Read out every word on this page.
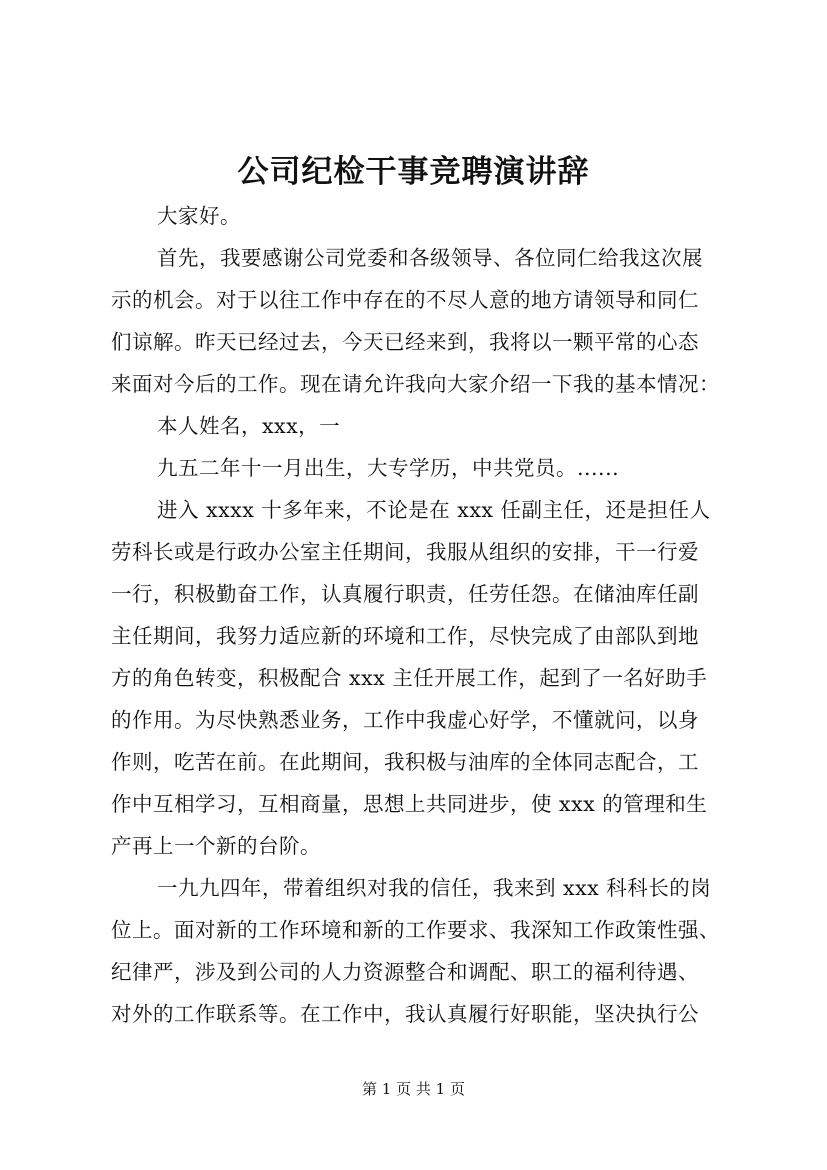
公司纪检干事竞聘演讲辞

大家好。

首先，我要感谢公司党委和各级领导、各位同仁给我这次展

示的机会。对于以往工作中存在的不尽人意的地方请领导和同仁

们谅解。昨天已经过去，今天已经来到，我将以一颗平常的心态

来面对今后的工作。现在请允许我向大家介绍一下我的基本情况：

本人姓名，xxx，一

九五二年十一月出生，大专学历，中共党员。......

进入 xxxx 十多年来，不论是在 xxx 任副主任，还是担任人

劳科长或是行政办公室主任期间，我服从组织的安排，干一行爱

一行，积极勤奋工作，认真履行职责，任劳任怨。在储油库任副

主任期间，我努力适应新的环境和工作，尽快完成了由部队到地

方的角色转变，积极配合 xxx 主任开展工作，起到了一名好助手

的作用。为尽快熟悉业务，工作中我虚心好学，不懂就问，以身

作则，吃苦在前。在此期间，我积极与油库的全体同志配合，工

作中互相学习，互相商量，思想上共同进步，使 xxx 的管理和生

产再上一个新的台阶。

一九九四年，带着组织对我的信任，我来到 xxx 科科长的岗

位上。面对新的工作环境和新的工作要求、我深知工作政策性强、

纪律严，涉及到公司的人力资源整合和调配、职工的福利待遇、

对外的工作联系等。在工作中，我认真履行好职能，坚决执行公

第 1 页 共 1 页
